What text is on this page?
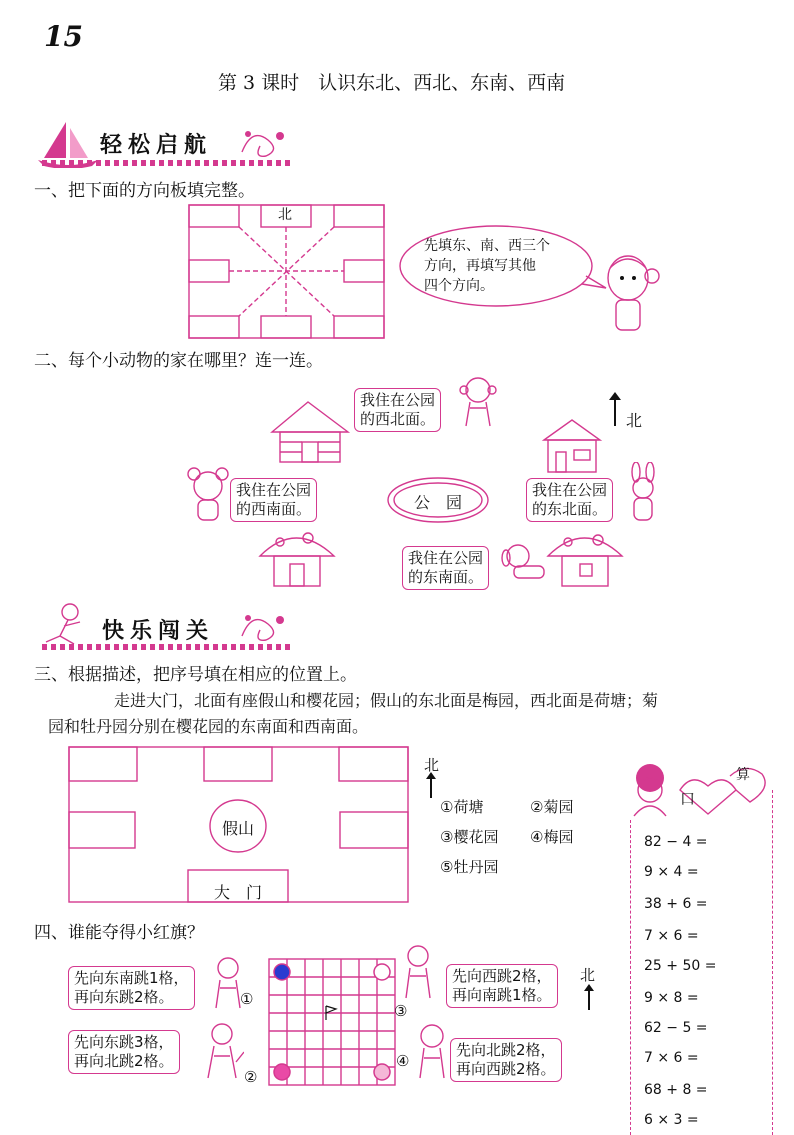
15
第 3 课时　认识东北、西北、东南、西南
轻松启航
一、把下面的方向板填完整。
北
先填东、南、西三个
方向，再填写其他
四个方向。
二、每个小动物的家在哪里？连一连。
我住在公园
的西北面。	北
我住在公园
的西南面。	公　园
我住在公园
的东北面。
我住在公园
的东南面。
快乐闯关
三、根据描述，把序号填在相应的位置上。
走进大门，北面有座假山和樱花园；假山的东北面是梅园，西北面是荷塘；菊
园和牡丹园分别在樱花园的东南面和西南面。
假山
大　门
北
①荷塘	②菊园
③樱花园 ④梅园
⑤牡丹园
口
算
82 − 4 =
9 × 4 =
38 + 6 =
7 × 6 =
25 + 50 =
9 × 8 =
62 − 5 =
7 × 6 =
68 + 8 =
6 × 3 =
四、谁能夺得小红旗？
先向东南跳1格，
再向东跳2格。	①
先向东跳3格，
再向北跳2格。
②
③
先向西跳2格，
再向南跳1格。
北
④
先向北跳2格，
再向西跳2格。
